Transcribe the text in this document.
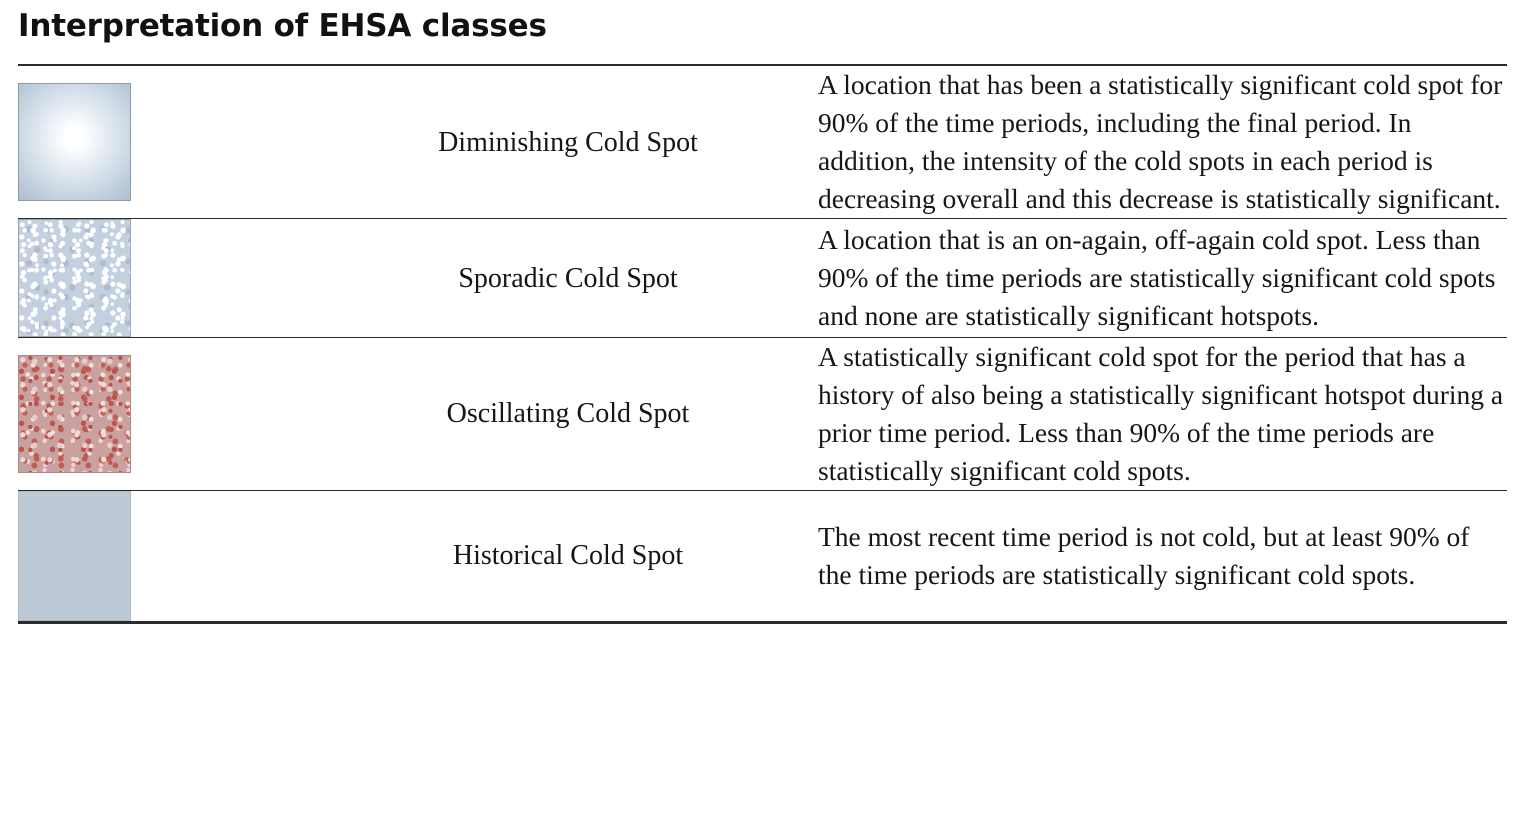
Interpretation of EHSA classes
	Diminishing Cold Spot	A location that has been a statistically significant cold spot for 90% of the time periods, including the final period. In addition, the intensity of the cold spots in each period is decreasing overall and this decrease is statistically significant.

	Sporadic Cold Spot	A location that is an on-again, off-again cold spot. Less than 90% of the time periods are statistically significant cold spots and none are statistically significant hotspots.

	Oscillating Cold Spot	A statistically significant cold spot for the period that has a history of also being a statistically significant hotspot during a prior time period. Less than 90% of the time periods are statistically significant cold spots.

	Historical Cold Spot	The most recent time period is not cold, but at least 90% of the time periods are statistically significant cold spots.
